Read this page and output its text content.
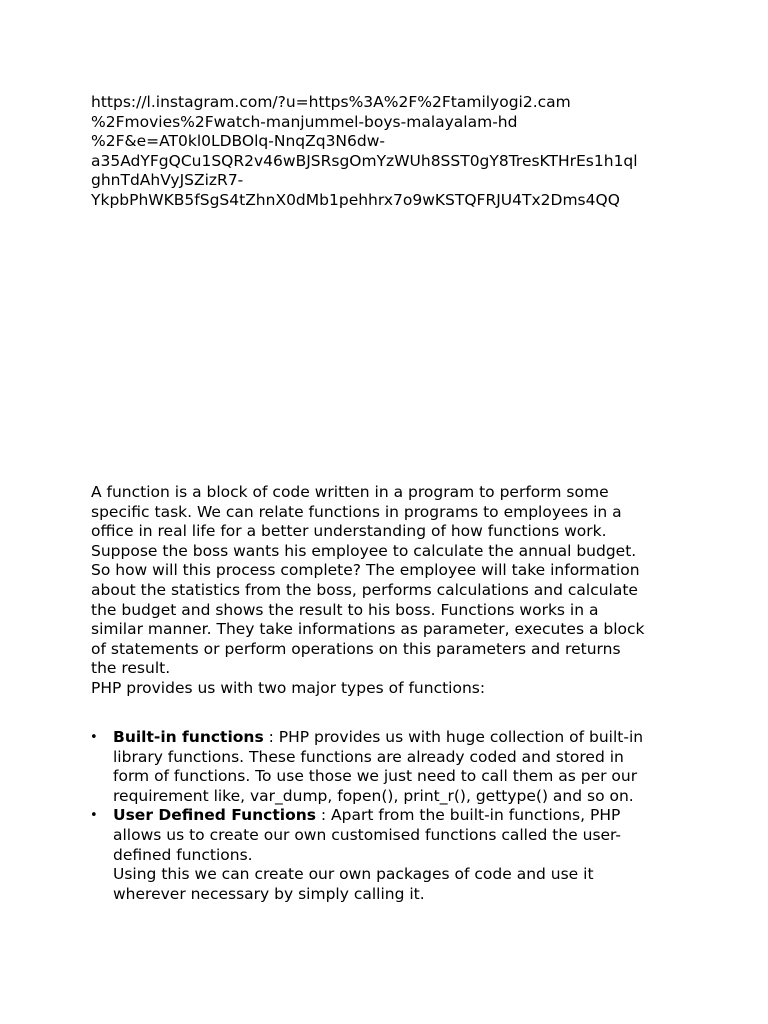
https://l.instagram.com/?u=https%3A%2F%2Ftamilyogi2.cam
%2Fmovies%2Fwatch-manjummel-boys-malayalam-hd
%2F&e=AT0kl0LDBOlq-NnqZq3N6dw-
a35AdYFgQCu1SQR2v46wBJSRsgOmYzWUh8SST0gY8TresKTHrEs1h1ql
ghnTdAhVyJSZizR7-
YkpbPhWKB5fSgS4tZhnX0dMb1pehhrx7o9wKSTQFRJU4Tx2Dms4QQ
A function is a block of code written in a program to perform some
specific task. We can relate functions in programs to employees in a
office in real life for a better understanding of how functions work.
Suppose the boss wants his employee to calculate the annual budget.
So how will this process complete? The employee will take information
about the statistics from the boss, performs calculations and calculate
the budget and shows the result to his boss. Functions works in a
similar manner. They take informations as parameter, executes a block
of statements or perform operations on this parameters and returns
the result.
PHP provides us with two major types of functions:
• Built-in functions : PHP provides us with huge collection of built-in
library functions. These functions are already coded and stored in
form of functions. To use those we just need to call them as per our
requirement like, var_dump, fopen(), print_r(), gettype() and so on.
• User Defined Functions : Apart from the built-in functions, PHP
allows us to create our own customised functions called the user-
defined functions.
Using this we can create our own packages of code and use it
wherever necessary by simply calling it.
